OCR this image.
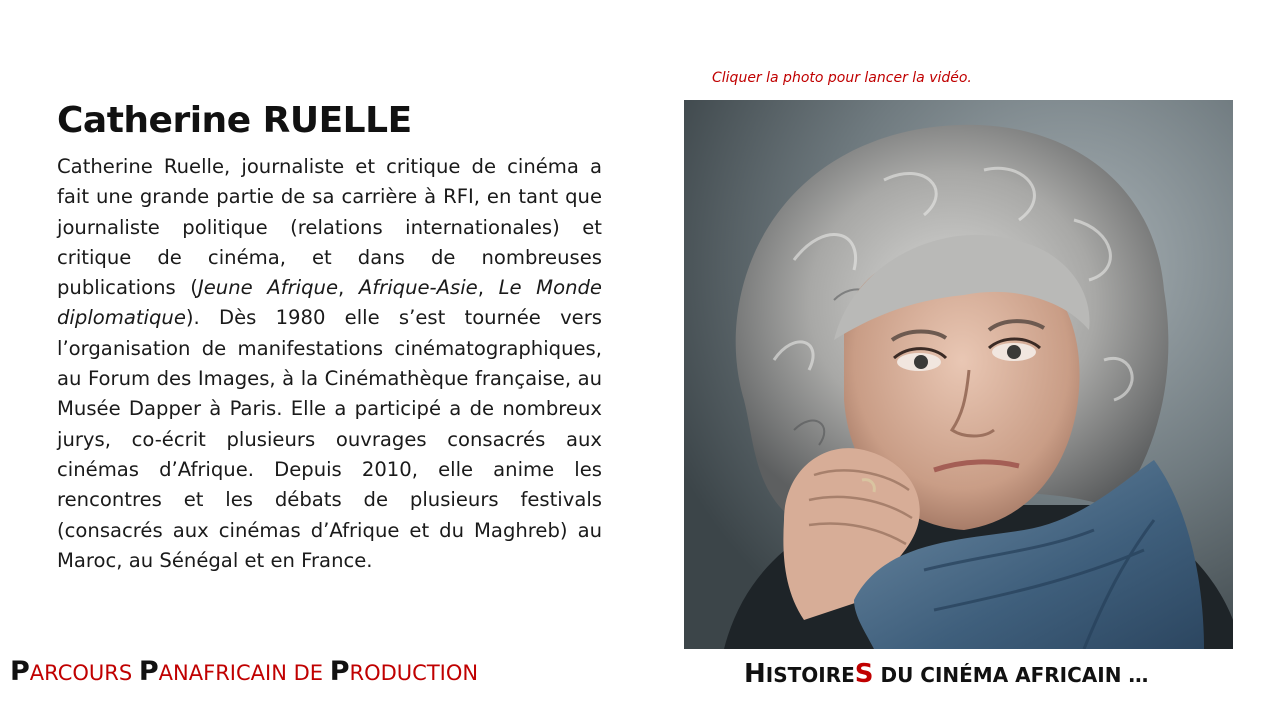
Cliquer la photo pour lancer la vidéo.

Catherine RUELLE

Catherine Ruelle, journaliste et critique de cinéma a fait une grande partie de sa carrière à RFI, en tant que journaliste politique (relations internationales) et critique de cinéma, et dans de nombreuses publications (Jeune Afrique, Afrique-Asie, Le Monde diplomatique). Dès 1980 elle s’est tournée vers l’organisation de manifestations cinématographiques, au Forum des Images, à la Cinémathèque française, au Musée Dapper à Paris. Elle a participé a de nombreux jurys, co-écrit plusieurs ouvrages consacrés aux cinémas d’Afrique. Depuis 2010, elle anime les rencontres et les débats de plusieurs festivals (consacrés aux cinémas d’Afrique et du Maghreb) au Maroc, au Sénégal et en France.

PARCOURS PANAFRICAIN DE PRODUCTION	HISTOIRES DU CINÉMA AFRICAIN …
